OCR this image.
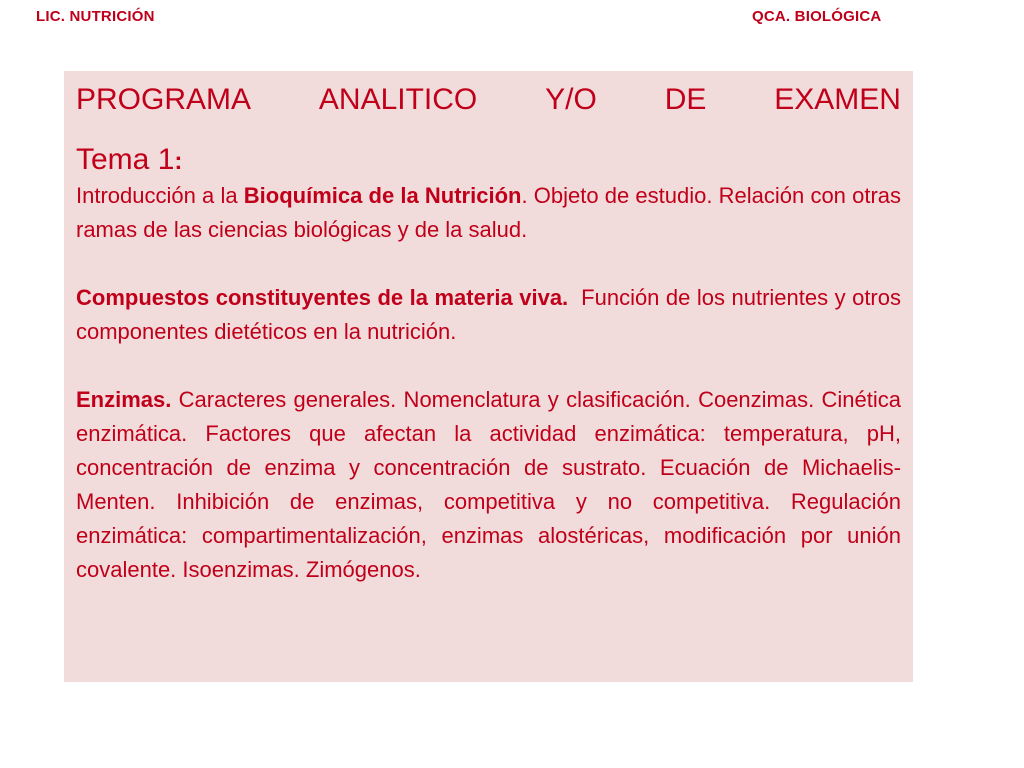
LIC. NUTRICIÓN	QCA. BIOLÓGICA
PROGRAMA ANALITICO Y/O DE EXAMEN
Tema 1:

Introducción a la Bioquímica de la Nutrición. Objeto de estudio. Relación con otras ramas de las ciencias biológicas y de la salud.

Compuestos constituyentes de la materia viva.  Función de los nutrientes y otros componentes dietéticos en la nutrición.

Enzimas. Caracteres generales. Nomenclatura y clasificación. Coenzimas. Cinética enzimática. Factores que afectan la actividad enzimática: temperatura, pH, concentración de enzima y concentración de sustrato. Ecuación de Michaelis-Menten. Inhibición de enzimas, competitiva y no competitiva. Regulación enzimática: compartimentalización, enzimas alostéricas, modificación por unión covalente. Isoenzimas. Zimógenos.
